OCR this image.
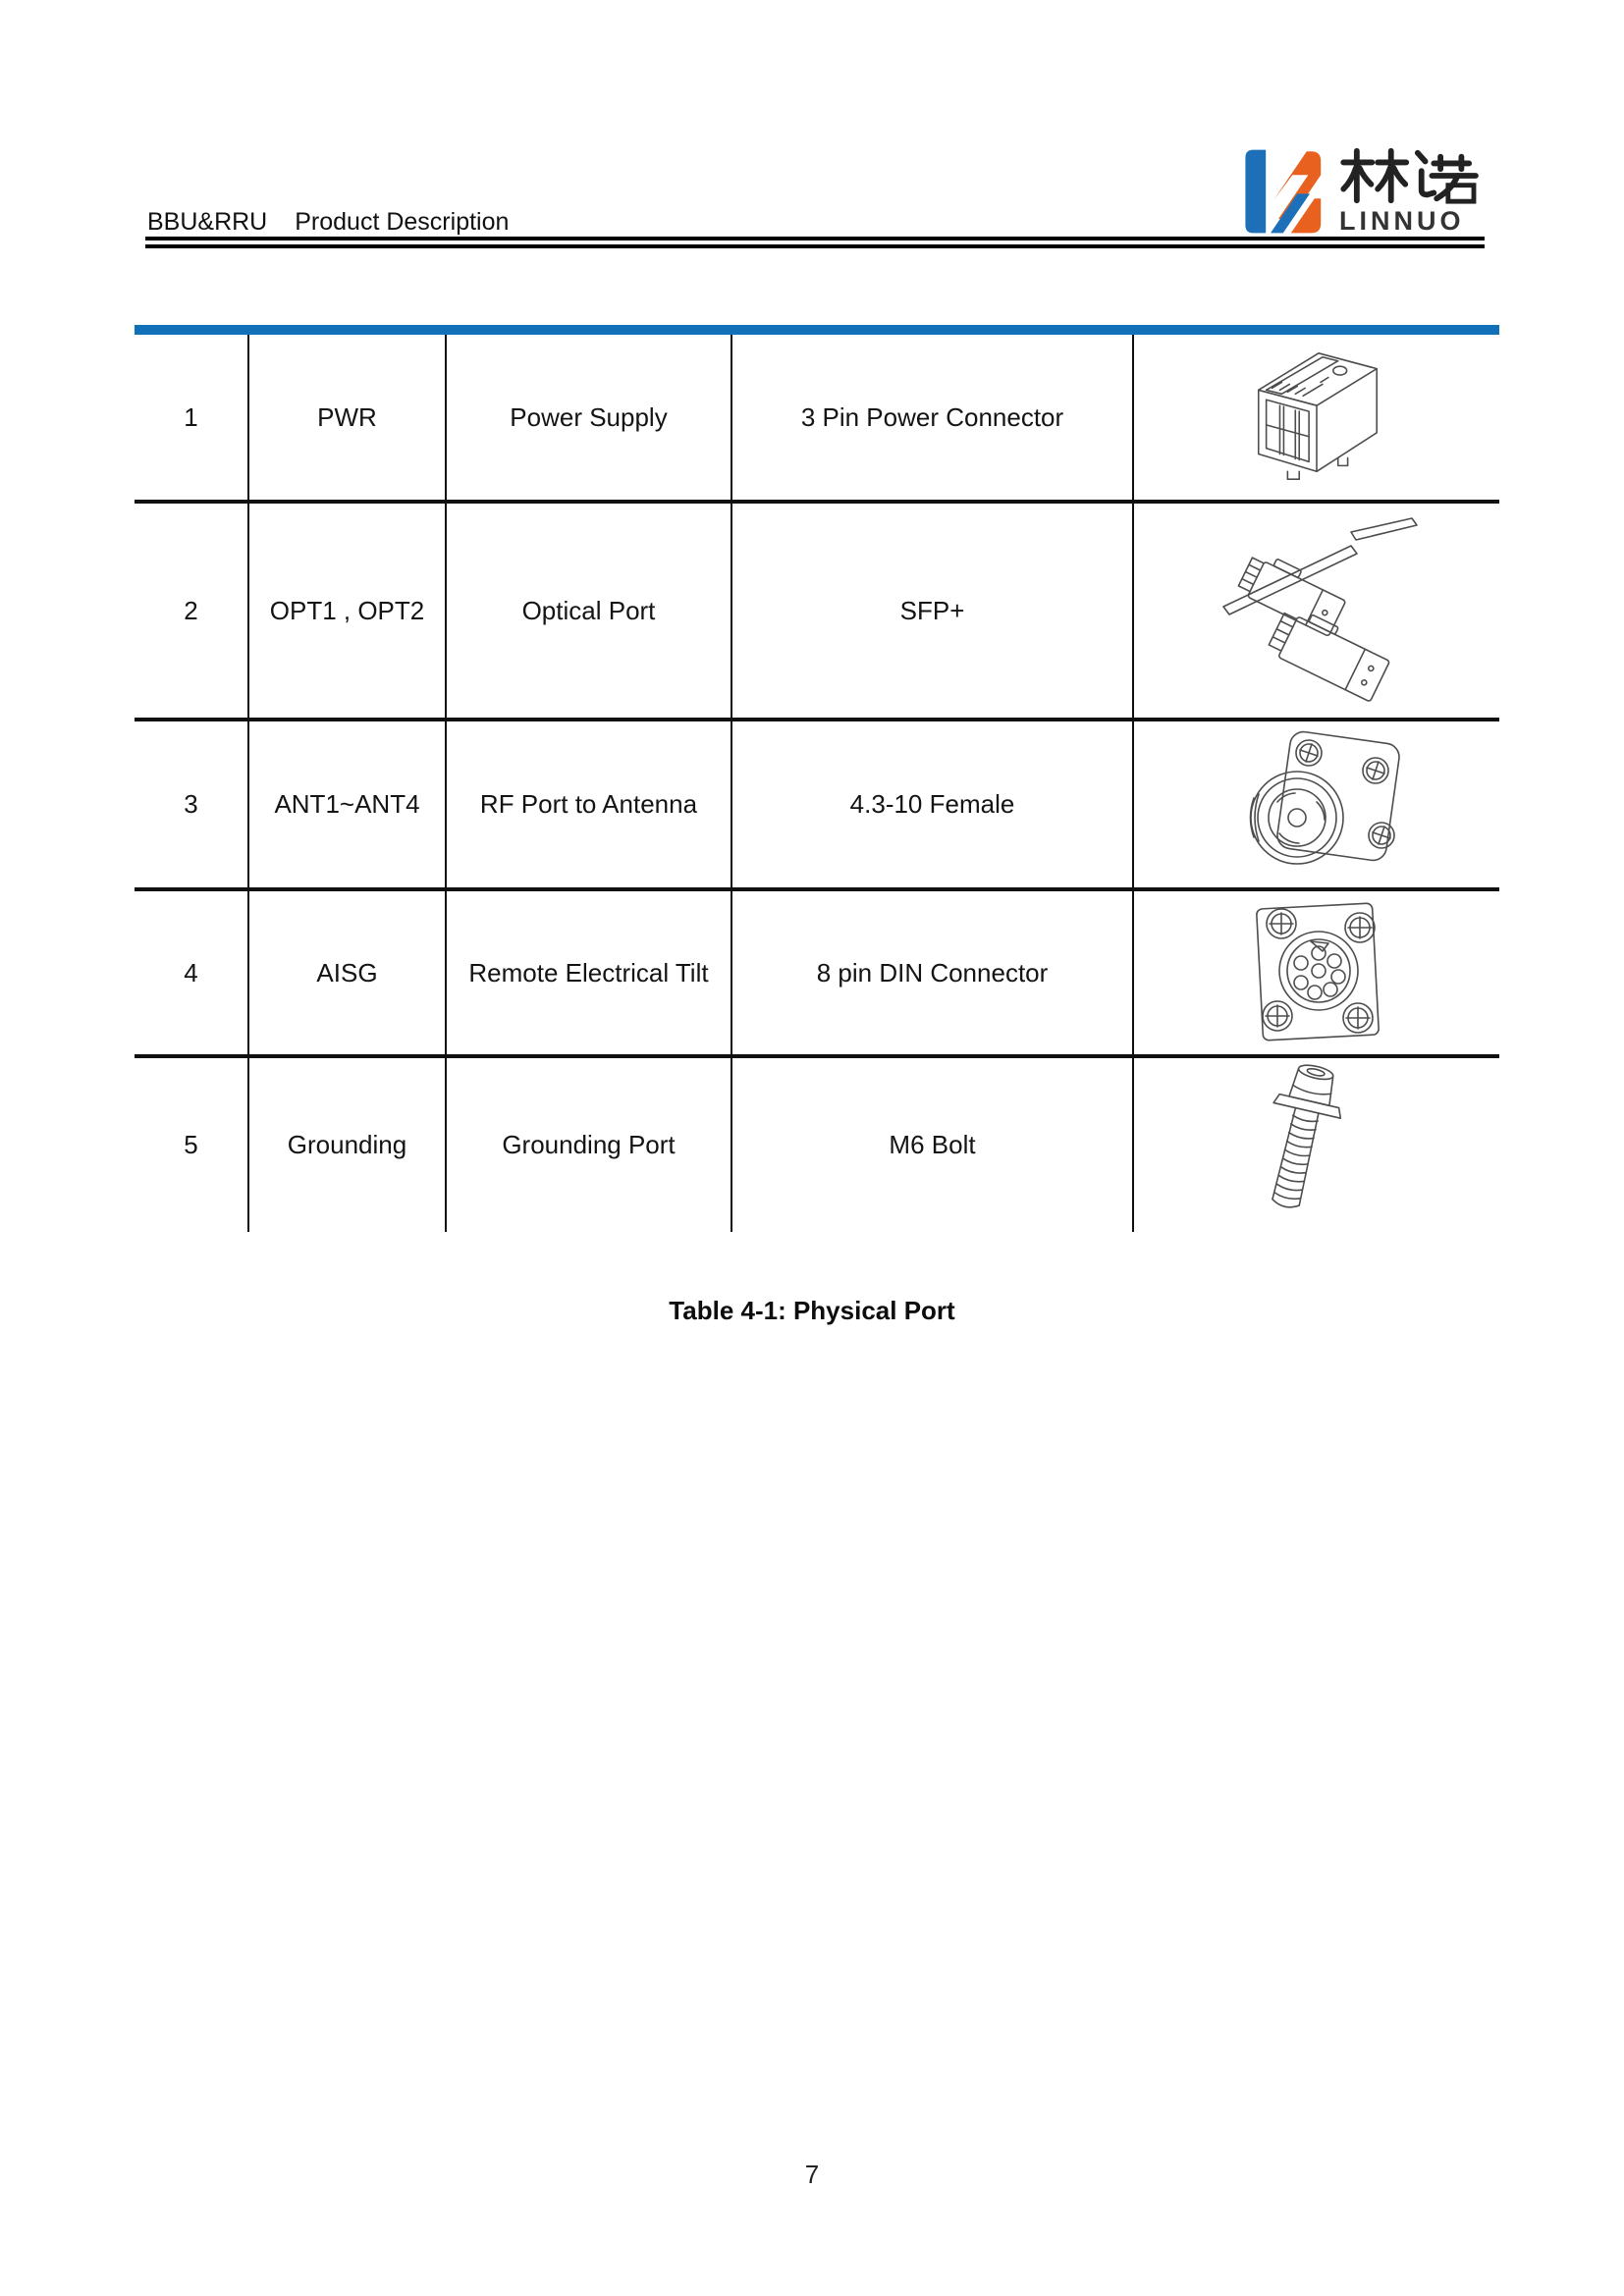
BBU&RRU Product Description	LINNUO
1	PWR	Power Supply	3 Pin Power Connector
2	OPT1 , OPT2	Optical Port	SFP+
3	ANT1~ANT4	RF Port to Antenna	4.3-10 Female
4	AISG	Remote Electrical Tilt	8 pin DIN Connector
5	Grounding	Grounding Port	M6 Bolt
Table 4-1: Physical Port
7
